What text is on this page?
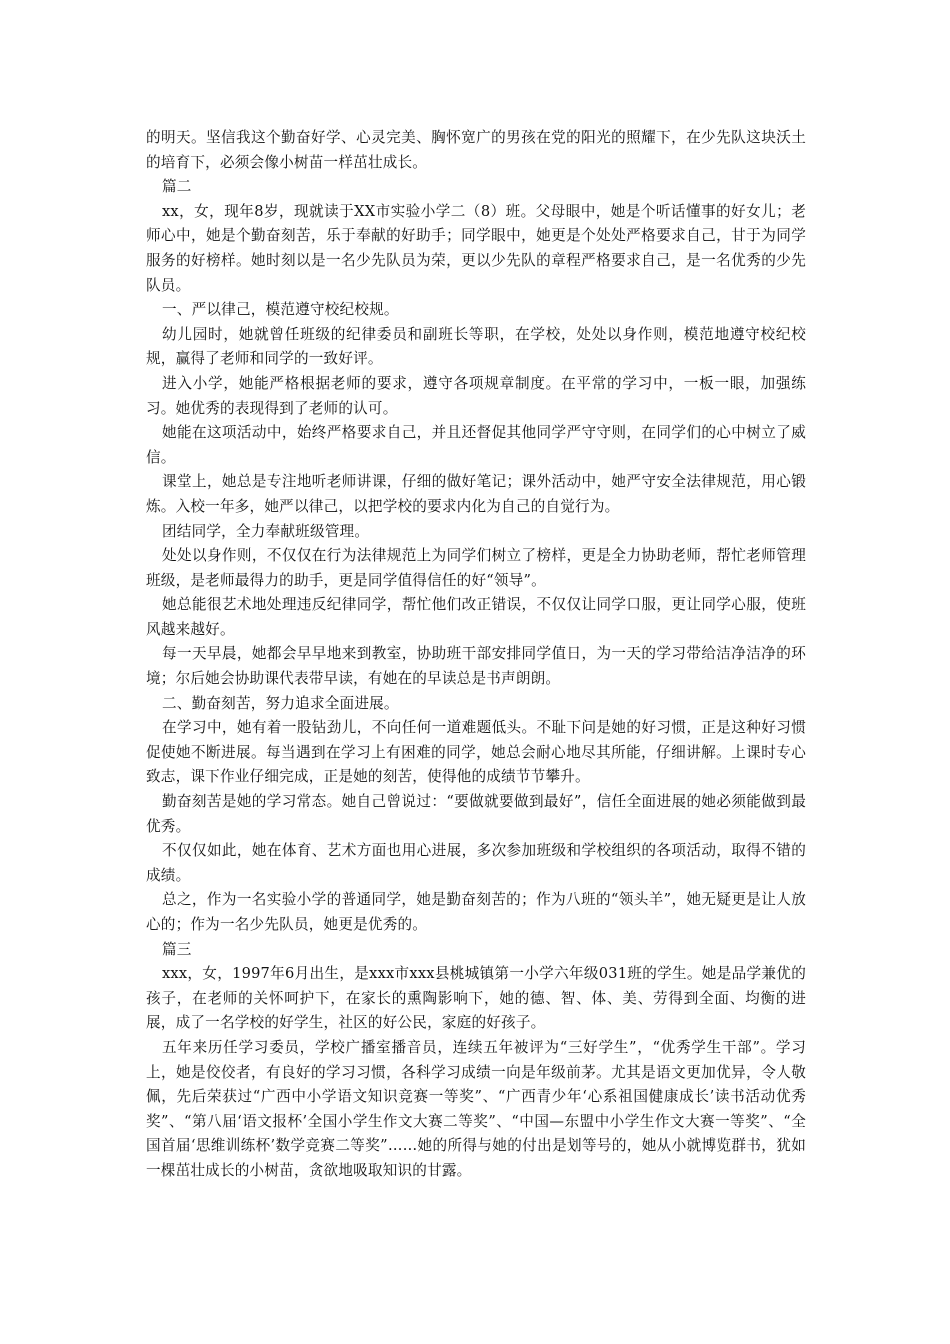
的明天。坚信我这个勤奋好学、心灵完美、胸怀宽广的男孩在党的阳光的照耀下，在少先队这块沃土的培育下，必须会像小树苗一样茁壮成长。

篇二

xx，女，现年8岁，现就读于XX市实验小学二（8）班。父母眼中，她是个听话懂事的好女儿；老师心中，她是个勤奋刻苦，乐于奉献的好助手；同学眼中，她更是个处处严格要求自己，甘于为同学服务的好榜样。她时刻以是一名少先队员为荣，更以少先队的章程严格要求自己，是一名优秀的少先队员。

一、严以律己，模范遵守校纪校规。

幼儿园时，她就曾任班级的纪律委员和副班长等职，在学校，处处以身作则，模范地遵守校纪校规，赢得了老师和同学的一致好评。

进入小学，她能严格根据老师的要求，遵守各项规章制度。在平常的学习中，一板一眼，加强练习。她优秀的表现得到了老师的认可。

她能在这项活动中，始终严格要求自己，并且还督促其他同学严守守则，在同学们的心中树立了威信。

课堂上，她总是专注地听老师讲课，仔细的做好笔记；课外活动中，她严守安全法律规范，用心锻炼。入校一年多，她严以律己，以把学校的要求内化为自己的自觉行为。

团结同学，全力奉献班级管理。

处处以身作则，不仅仅在行为法律规范上为同学们树立了榜样，更是全力协助老师，帮忙老师管理班级，是老师最得力的助手，更是同学值得信任的好“领导”。

她总能很艺术地处理违反纪律同学，帮忙他们改正错误，不仅仅让同学口服，更让同学心服，使班风越来越好。

每一天早晨，她都会早早地来到教室，协助班干部安排同学值日，为一天的学习带给洁净洁净的环境；尔后她会协助课代表带早读，有她在的早读总是书声朗朗。

二、勤奋刻苦，努力追求全面进展。

在学习中，她有着一股钻劲儿，不向任何一道难题低头。不耻下问是她的好习惯，正是这种好习惯促使她不断进展。每当遇到在学习上有困难的同学，她总会耐心地尽其所能，仔细讲解。上课时专心致志，课下作业仔细完成，正是她的刻苦，使得他的成绩节节攀升。

勤奋刻苦是她的学习常态。她自己曾说过：“要做就要做到最好”，信任全面进展的她必须能做到最优秀。

不仅仅如此，她在体育、艺术方面也用心进展，多次参加班级和学校组织的各项活动，取得不错的成绩。

总之，作为一名实验小学的普通同学，她是勤奋刻苦的；作为八班的“领头羊”，她无疑更是让人放心的；作为一名少先队员，她更是优秀的。

篇三

xxx，女，1997年6月出生，是xxx市xxx县桃城镇第一小学六年级031班的学生。她是品学兼优的孩子，在老师的关怀呵护下，在家长的熏陶影响下，她的德、智、体、美、劳得到全面、均衡的进展，成了一名学校的好学生，社区的好公民，家庭的好孩子。

五年来历任学习委员，学校广播室播音员，连续五年被评为“三好学生”，“优秀学生干部”。学习上，她是佼佼者，有良好的学习习惯，各科学习成绩一向是年级前茅。尤其是语文更加优异，令人敬佩，先后荣获过“广西中小学语文知识竞赛一等奖”、“广西青少年‘心系祖国健康成长’读书活动优秀奖”、“第八届‘语文报杯’全国小学生作文大赛二等奖”、“中国—东盟中小学生作文大赛一等奖”、“全国首届‘思维训练杯’数学竞赛二等奖”……她的所得与她的付出是划等号的，她从小就博览群书，犹如一棵茁壮成长的小树苗，贪欲地吸取知识的甘露。
